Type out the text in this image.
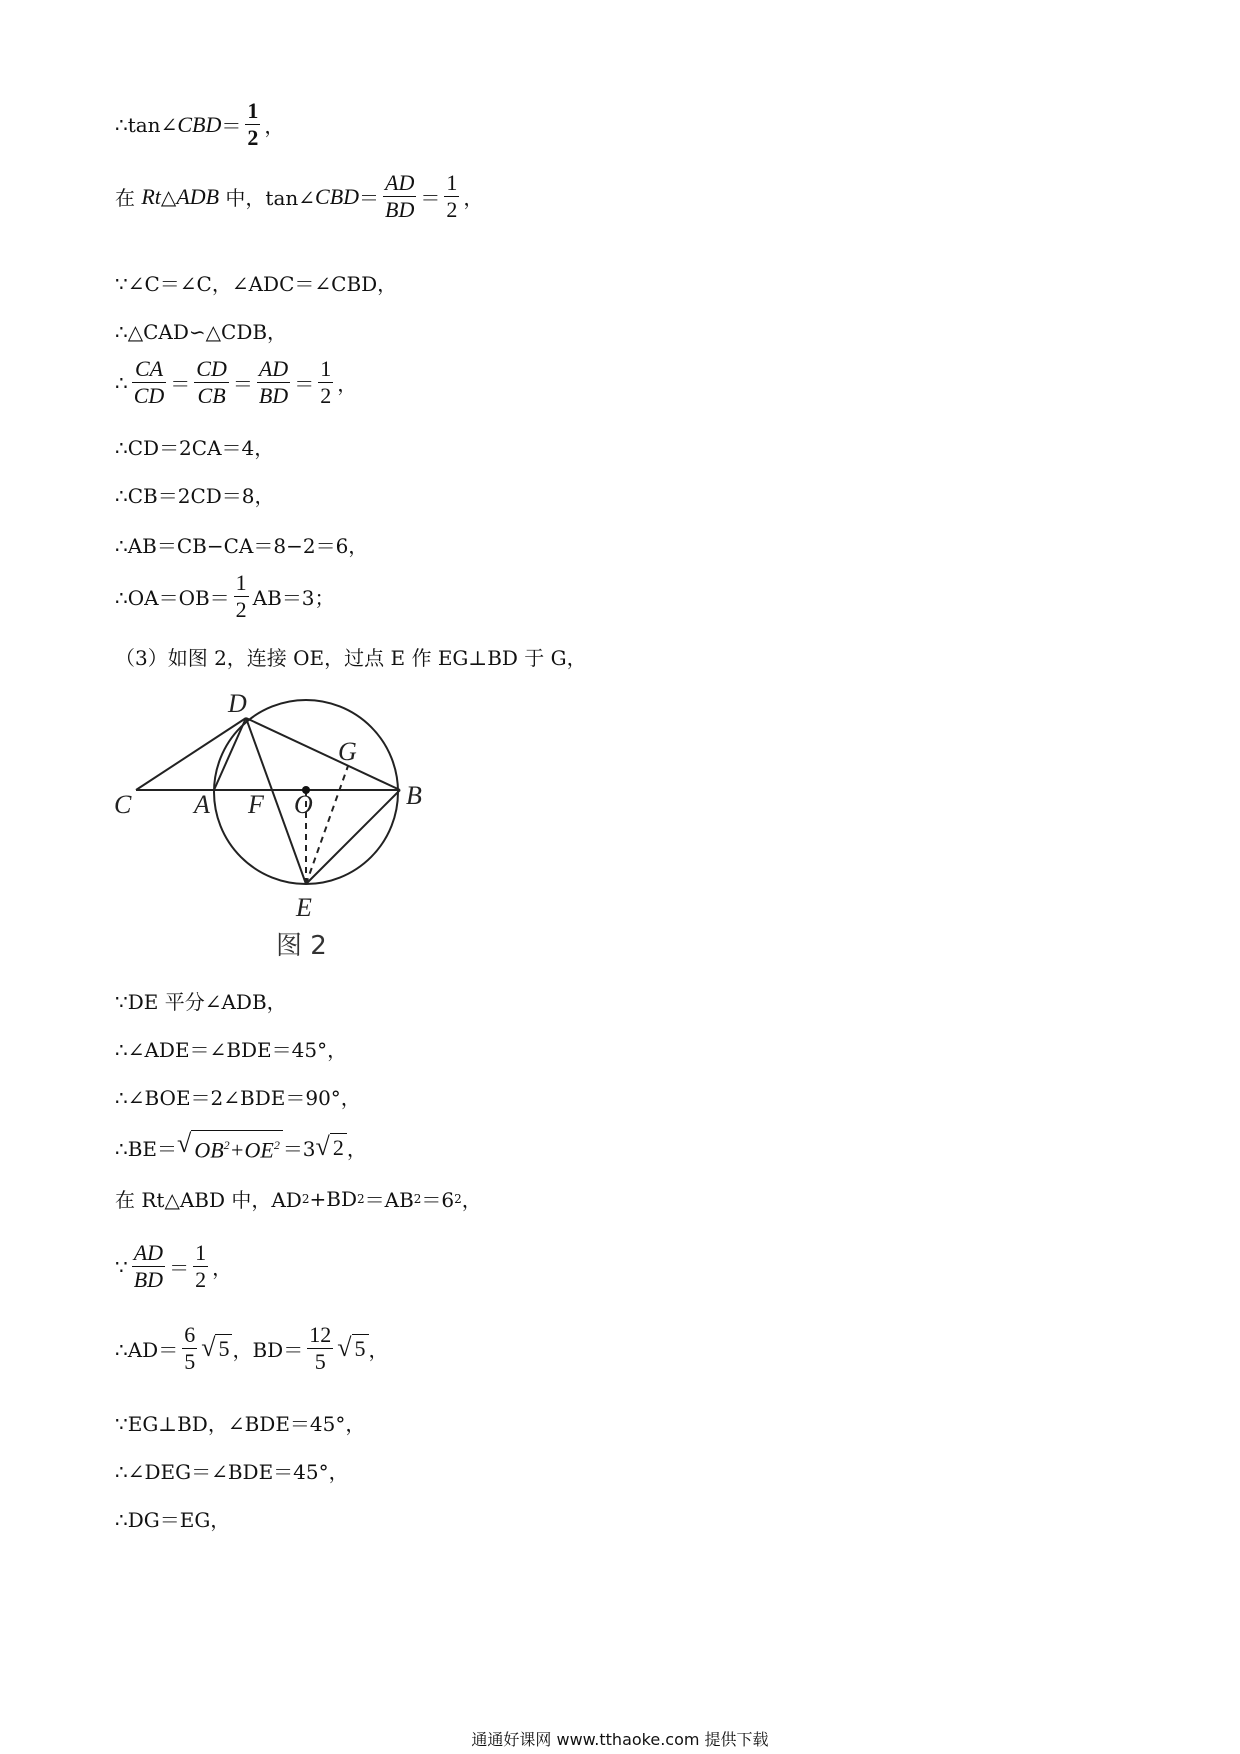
∴tan∠ CBD ＝ $\frac{1}{2}$ ，
在 Rt △ ADB 中，tan∠ CBD ＝ $\frac{AD}{BD} = \frac{1}{2}$ ，
∵∠C＝∠C，∠ADC＝∠CBD，
∴△CAD∽△CDB，
∴ $\frac{CA}{CD} = \frac{CD}{CB} = \frac{AD}{BD} = \frac{1}{2}$ ，
∴CD＝2CA＝4，
∴CB＝2CD＝8，
∴AB＝CB−CA＝8−2＝6，
∴OA＝OB＝ $\frac{1}{2} AB=3$；
（3）如图 2，连接 OE，过点 E 作 EG⊥BD 于 G，
D
G
C A F O	B
E
图 2
∵DE 平分∠ADB，
∴∠ADE＝∠BDE＝45°，
∴∠BOE＝2∠BDE＝90°，
∴BE＝ √ $OB^2+OE^2 =3$ √ 2 ，
在 Rt△ABD 中，AD 2 +BD 2 ＝AB 2 ＝6 2 ，
∵ $\frac{AD}{BD} = \frac{1}{2}$ ，
∴AD＝ $\frac{6}{5}$ √ 5 ，$BD= \frac{12}{5}$ √ 5 ，
∵EG⊥BD，∠BDE＝45°，
∴∠DEG＝∠BDE＝45°，
∴DG＝EG，
通通好课网 www.tthaoke.com 提供下载
